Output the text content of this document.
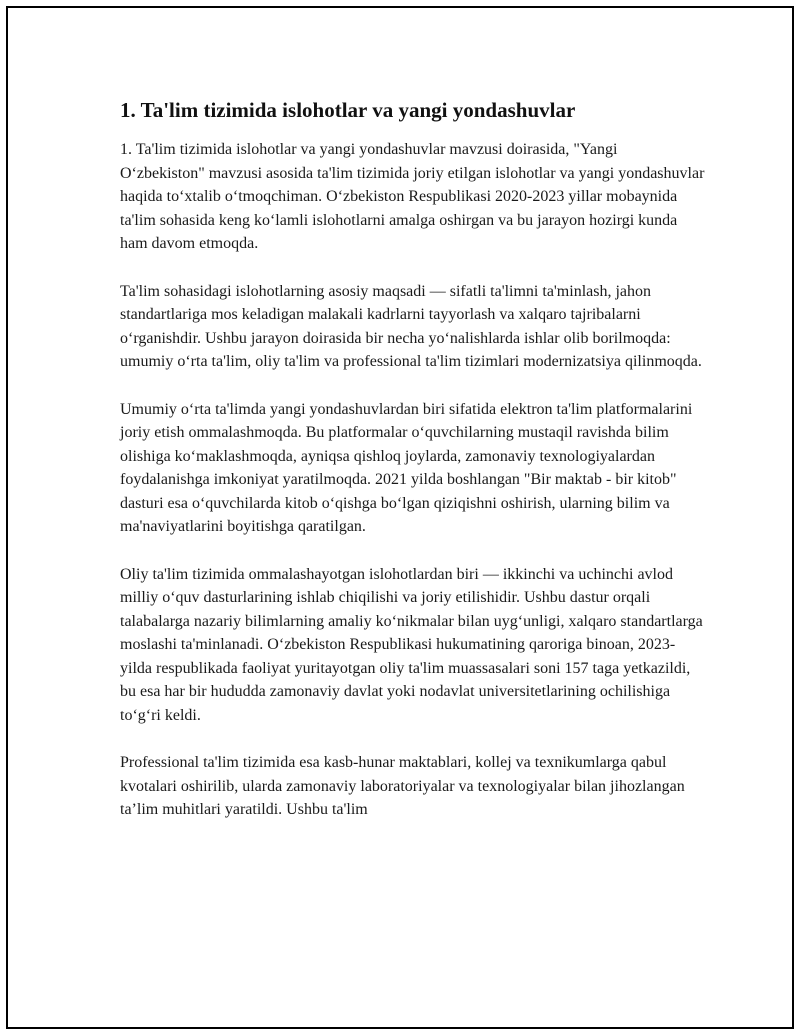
1. Ta'lim tizimida islohotlar va yangi yondashuvlar

1. Ta'lim tizimida islohotlar va yangi yondashuvlar mavzusi doirasida, "Yangi O‘zbekiston" mavzusi asosida ta'lim tizimida joriy etilgan islohotlar va yangi yondashuvlar haqida to‘xtalib o‘tmoqchiman. O‘zbekiston Respublikasi 2020-2023 yillar mobaynida ta'lim sohasida keng ko‘lamli islohotlarni amalga oshirgan va bu jarayon hozirgi kunda ham davom etmoqda.

Ta'lim sohasidagi islohotlarning asosiy maqsadi — sifatli ta'limni ta'minlash, jahon standartlariga mos keladigan malakali kadrlarni tayyorlash va xalqaro tajribalarni o‘rganishdir. Ushbu jarayon doirasida bir necha yo‘nalishlarda ishlar olib borilmoqda: umumiy o‘rta ta'lim, oliy ta'lim va professional ta'lim tizimlari modernizatsiya qilinmoqda.

Umumiy o‘rta ta'limda yangi yondashuvlardan biri sifatida elektron ta'lim platformalarini joriy etish ommalashmoqda. Bu platformalar o‘quvchilarning mustaqil ravishda bilim olishiga ko‘maklashmoqda, ayniqsa qishloq joylarda, zamonaviy texnologiyalardan foydalanishga imkoniyat yaratilmoqda. 2021 yilda boshlangan "Bir maktab - bir kitob" dasturi esa o‘quvchilarda kitob o‘qishga bo‘lgan qiziqishni oshirish, ularning bilim va ma'naviyatlarini boyitishga qaratilgan.

Oliy ta'lim tizimida ommalashayotgan islohotlardan biri — ikkinchi va uchinchi avlod milliy o‘quv dasturlarining ishlab chiqilishi va joriy etilishidir. Ushbu dastur orqali talabalarga nazariy bilimlarning amaliy ko‘nikmalar bilan uyg‘unligi, xalqaro standartlarga moslashi ta'minlanadi. O‘zbekiston Respublikasi hukumatining qaroriga binoan, 2023-yilda respublikada faoliyat yuritayotgan oliy ta'lim muassasalari soni 157 taga yetkazildi, bu esa har bir hududda zamonaviy davlat yoki nodavlat universitetlarining ochilishiga to‘g‘ri keldi.

Professional ta'lim tizimida esa kasb-hunar maktablari, kollej va texnikumlarga qabul kvotalari oshirilib, ularda zamonaviy laboratoriyalar va texnologiyalar bilan jihozlangan ta’lim muhitlari yaratildi. Ushbu ta'lim
